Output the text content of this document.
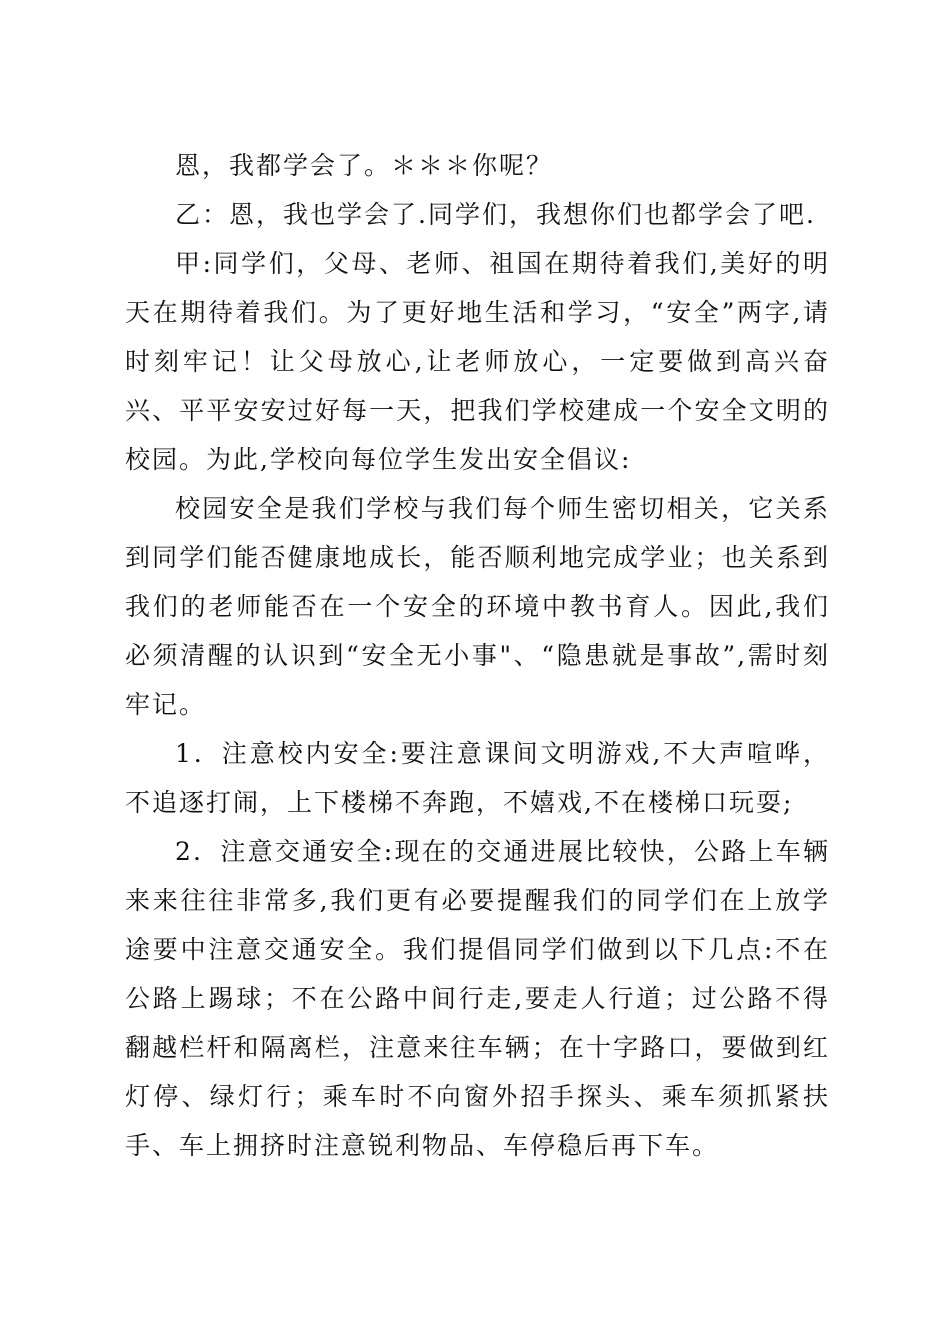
恩，我都学会了。＊＊＊你呢？

乙：恩，我也学会了.同学们，我想你们也都学会了吧.

甲:同学们，父母、老师、祖国在期待着我们,美好的明天在期待着我们。为了更好地生活和学习，“安全”两字,请时刻牢记！让父母放心,让老师放心，一定要做到高兴奋兴、平平安安过好每一天，把我们学校建成一个安全文明的校园。为此,学校向每位学生发出安全倡议:

校园安全是我们学校与我们每个师生密切相关，它关系到同学们能否健康地成长，能否顺利地完成学业；也关系到我们的老师能否在一个安全的环境中教书育人。因此,我们必须清醒的认识到“安全无小事"、“隐患就是事故”,需时刻牢记。

1．注意校内安全:要注意课间文明游戏,不大声喧哗，不追逐打闹，上下楼梯不奔跑，不嬉戏,不在楼梯口玩耍;

2．注意交通安全:现在的交通进展比较快，公路上车辆来来往往非常多,我们更有必要提醒我们的同学们在上放学途要中注意交通安全。我们提倡同学们做到以下几点:不在公路上踢球；不在公路中间行走,要走人行道；过公路不得翻越栏杆和隔离栏，注意来往车辆；在十字路口，要做到红灯停、绿灯行；乘车时不向窗外招手探头、乘车须抓紧扶手、车上拥挤时注意锐利物品、车停稳后再下车。
